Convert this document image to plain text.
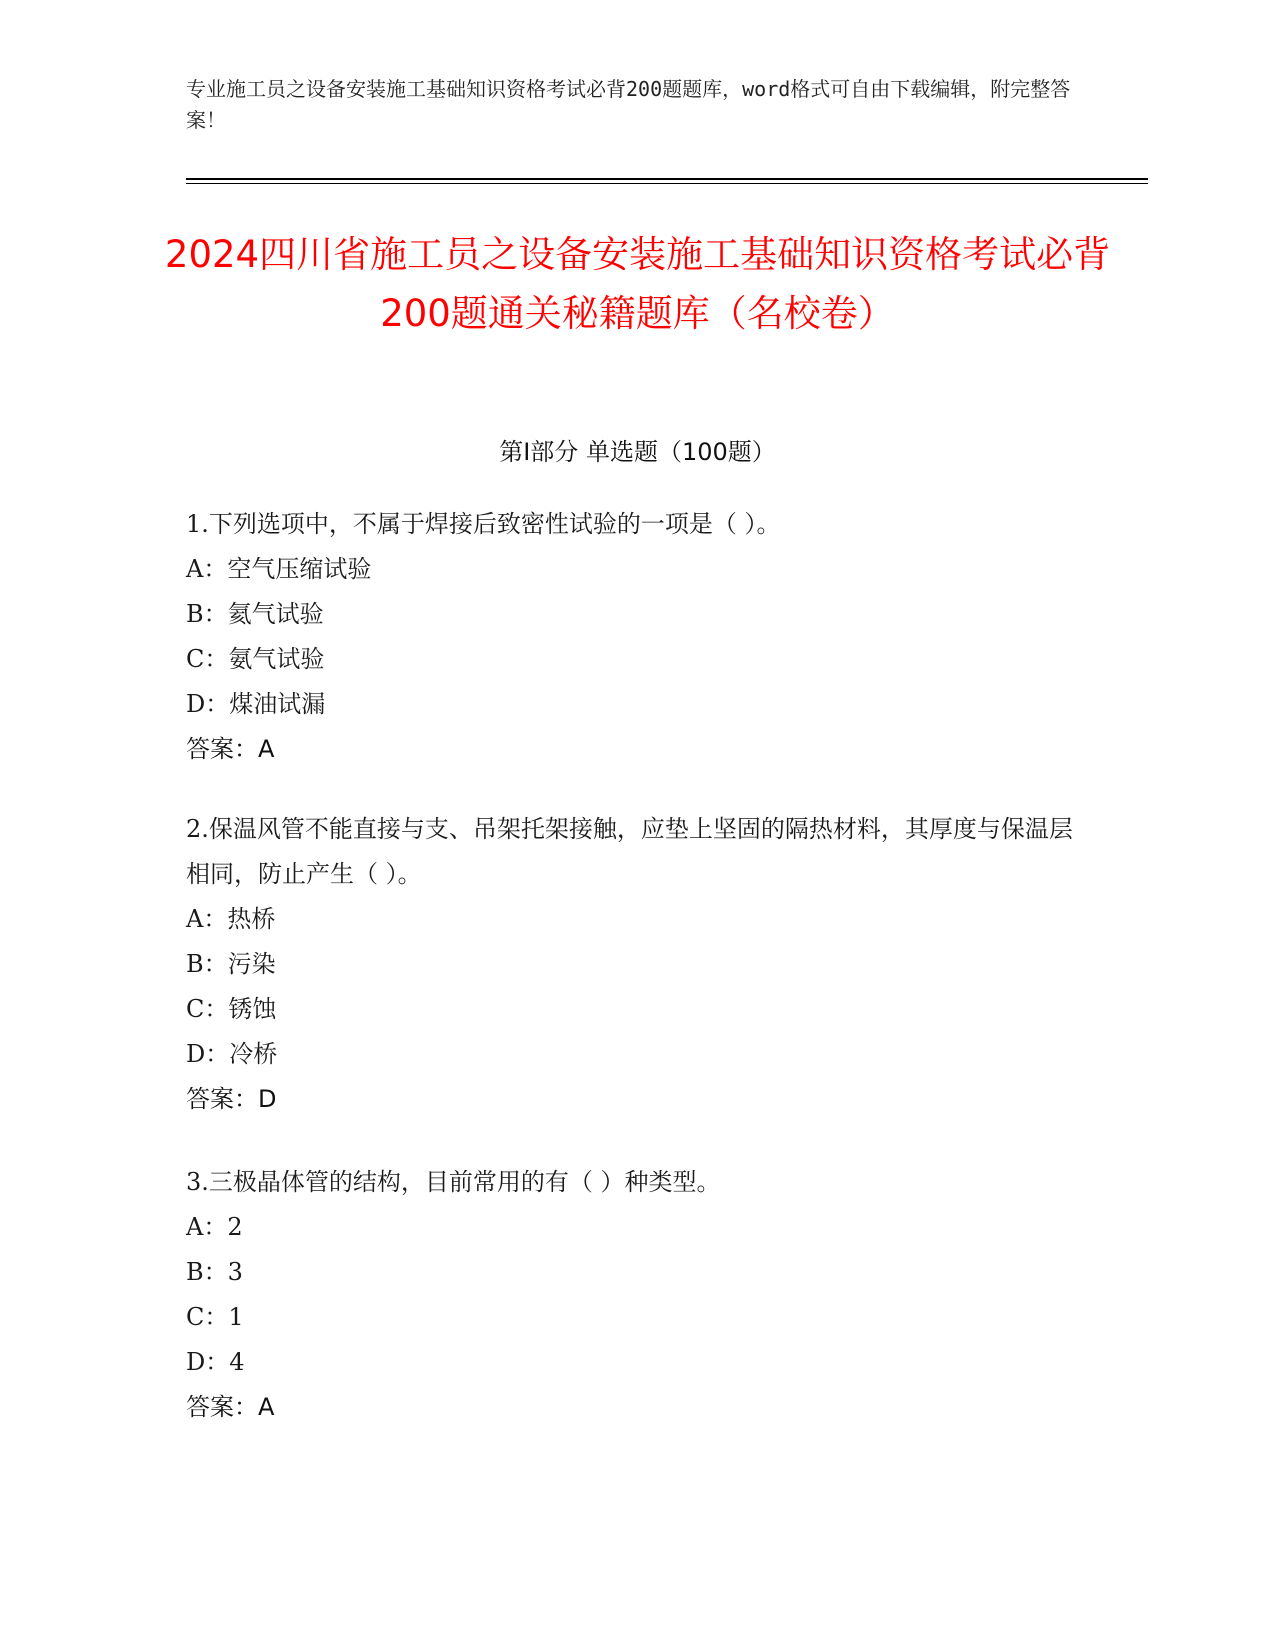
专业施工员之设备安装施工基础知识资格考试必背200题题库，word格式可自由下载编辑，附完整答案！
2024四川省施工员之设备安装施工基础知识资格考试必背200题通关秘籍题库（名校卷）
第I部分 单选题（100题）

1.下列选项中，不属于焊接后致密性试验的一项是（ ）。

A：空气压缩试验

B：氦气试验

C：氨气试验

D：煤油试漏

答案：A

2.保温风管不能直接与支、吊架托架接触，应垫上坚固的隔热材料，其厚度与保温层相同，防止产生（ ）。

A：热桥

B：污染

C：锈蚀

D：冷桥

答案：D

3.三极晶体管的结构，目前常用的有（ ）种类型。

A：2

B：3

C：1

D：4

答案：A
